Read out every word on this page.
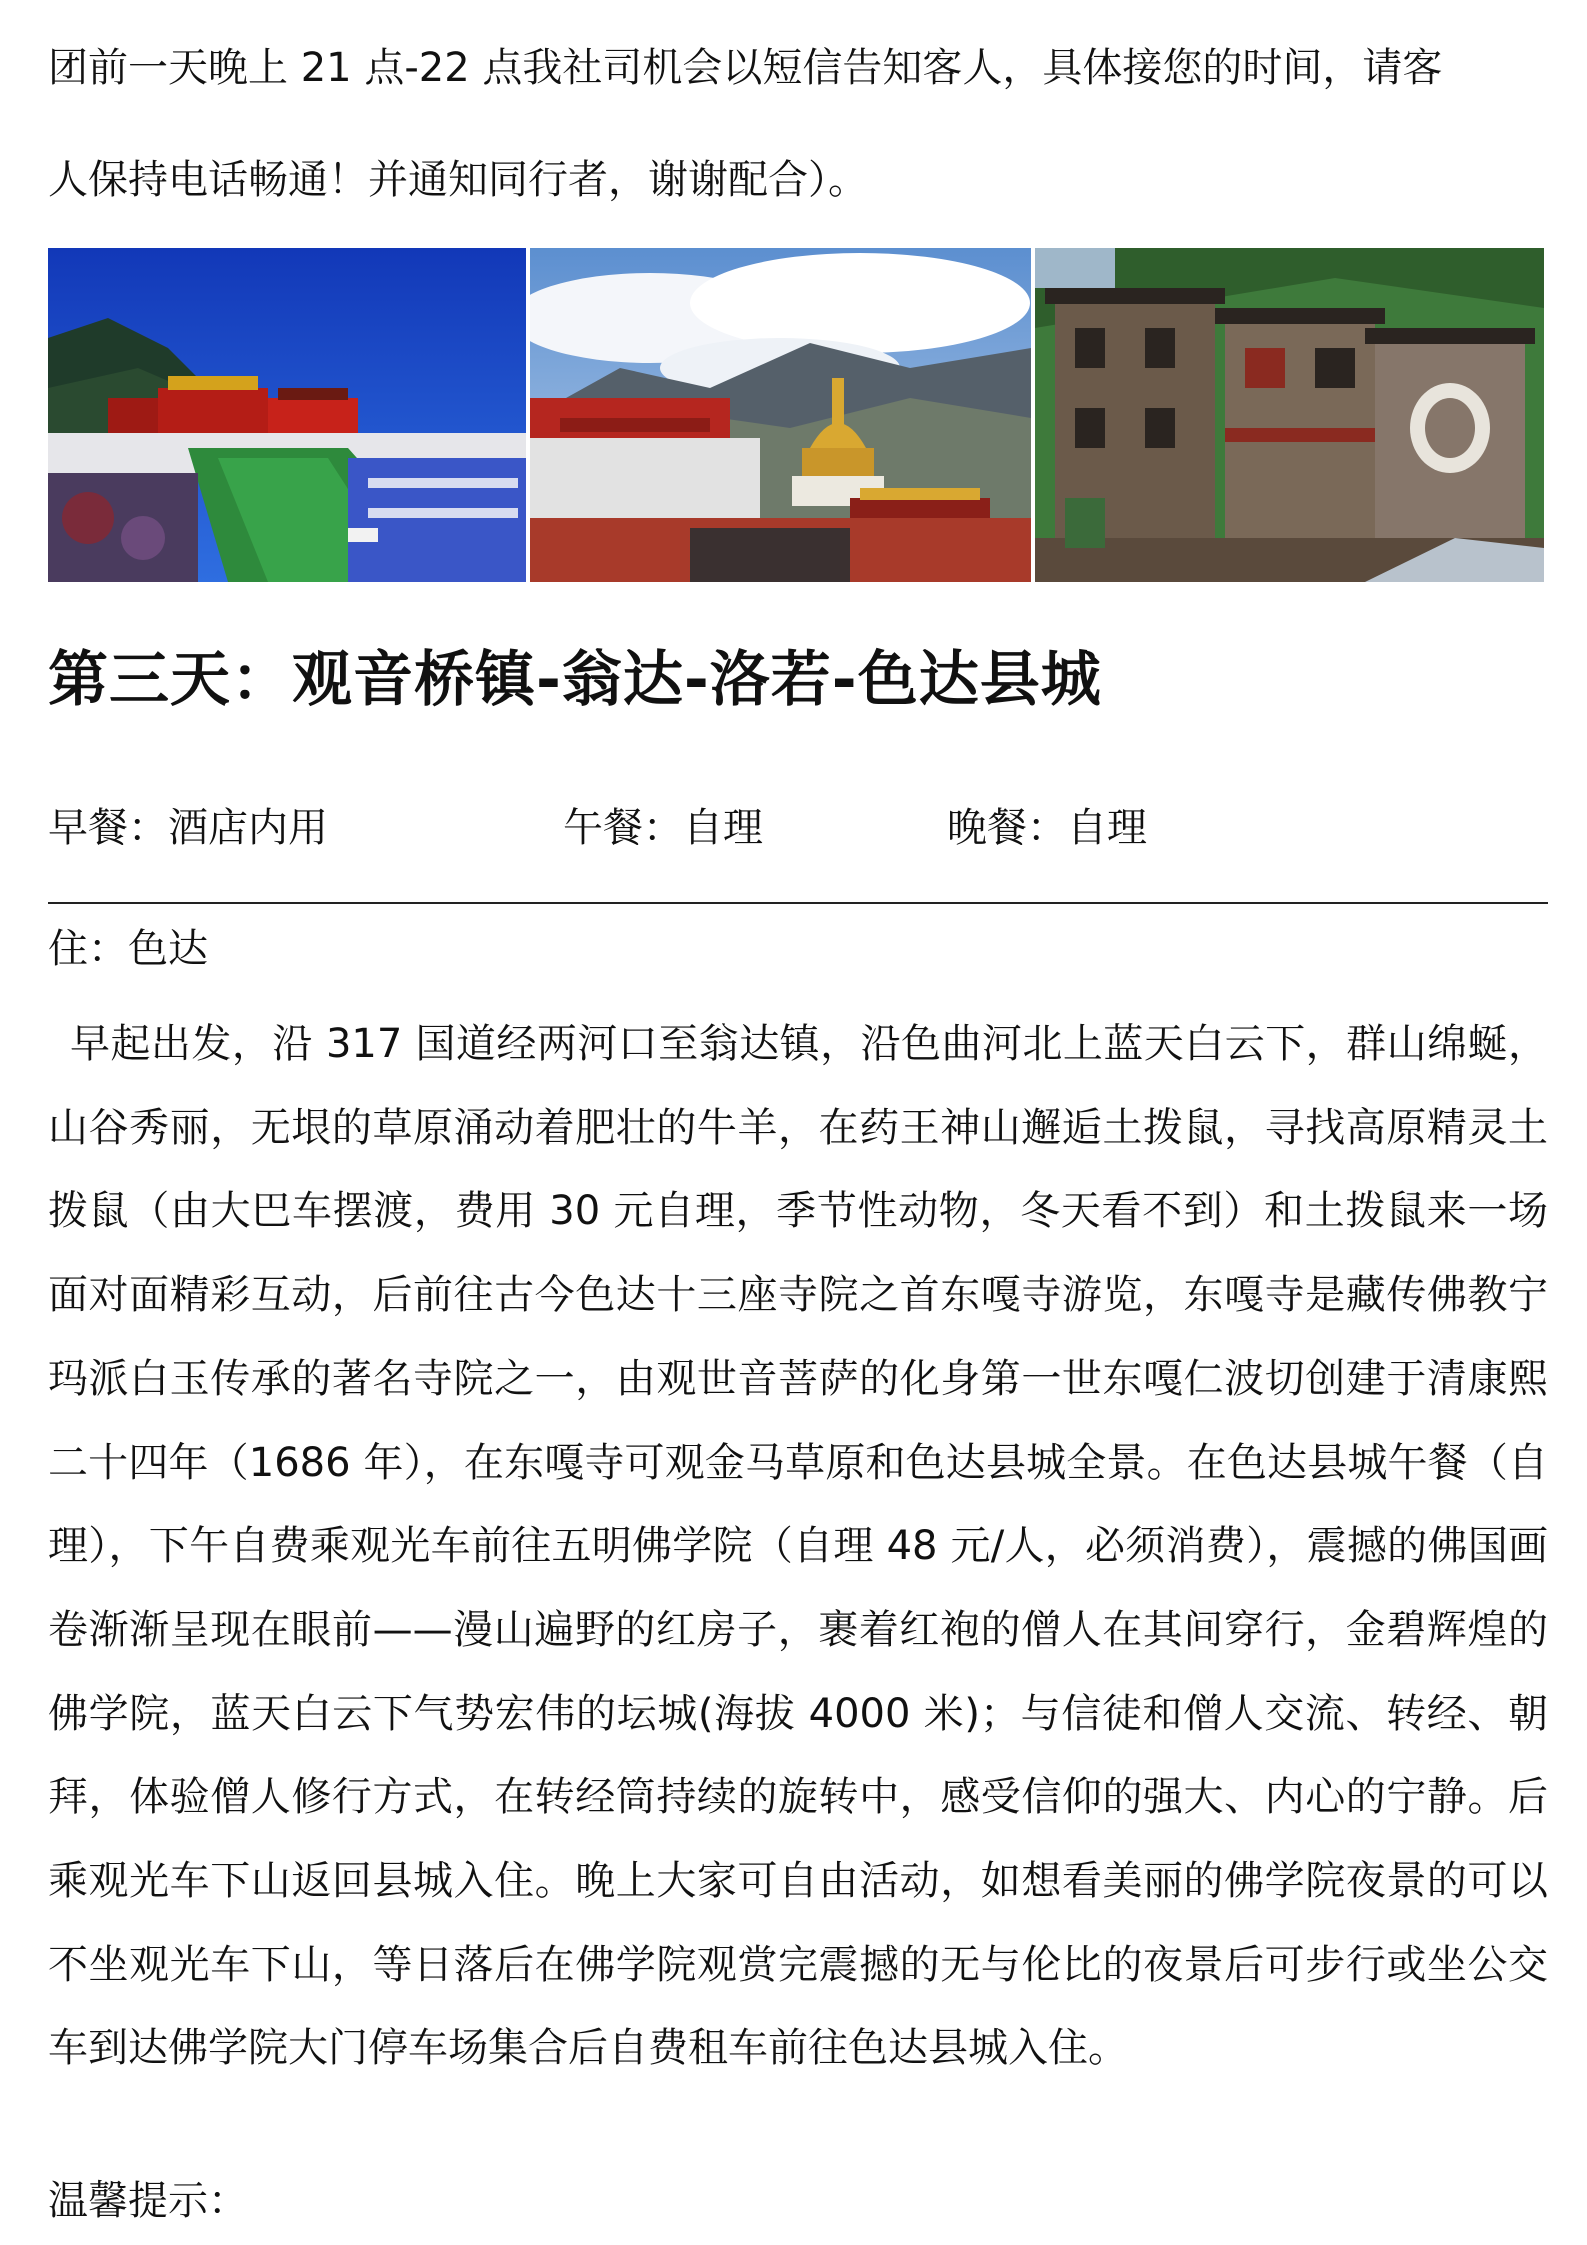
团前一天晚上 21 点-22 点我社司机会以短信告知客人，具体接您的时间，请客
人保持电话畅通！并通知同行者，谢谢配合）。

第三天：观音桥镇-翁达-洛若-色达县城
早餐：酒店内用	午餐：自理	晚餐：自理

住：色达

早起出发，沿 317 国道经两河口至翁达镇，沿色曲河北上蓝天白云下，群山绵蜒，山谷秀丽，无垠的草原涌动着肥壮的牛羊，在药王神山邂逅土拨鼠，寻找高原精灵土拨鼠（由大巴车摆渡，费用 30 元自理，季节性动物，冬天看不到）和土拨鼠来一场面对面精彩互动，后前往古今色达十三座寺院之首东嘎寺游览，东嘎寺是藏传佛教宁玛派白玉传承的著名寺院之一，由观世音菩萨的化身第一世东嘎仁波切创建于清康熙二十四年（1686 年），在东嘎寺可观金马草原和色达县城全景。在色达县城午餐（自理），下午自费乘观光车前往五明佛学院（自理 48 元/人，必须消费），震撼的佛国画卷渐渐呈现在眼前——漫山遍野的红房子，裹着红袍的僧人在其间穿行，金碧辉煌的佛学院，蓝天白云下气势宏伟的坛城(海拔 4000 米)；与信徒和僧人交流、转经、朝拜，体验僧人修行方式，在转经筒持续的旋转中，感受信仰的强大、内心的宁静。后乘观光车下山返回县城入住。晚上大家可自由活动，如想看美丽的佛学院夜景的可以不坐观光车下山，等日落后在佛学院观赏完震撼的无与伦比的夜景后可步行或坐公交车到达佛学院大门停车场集合后自费租车前往色达县城入住。

温馨提示：
